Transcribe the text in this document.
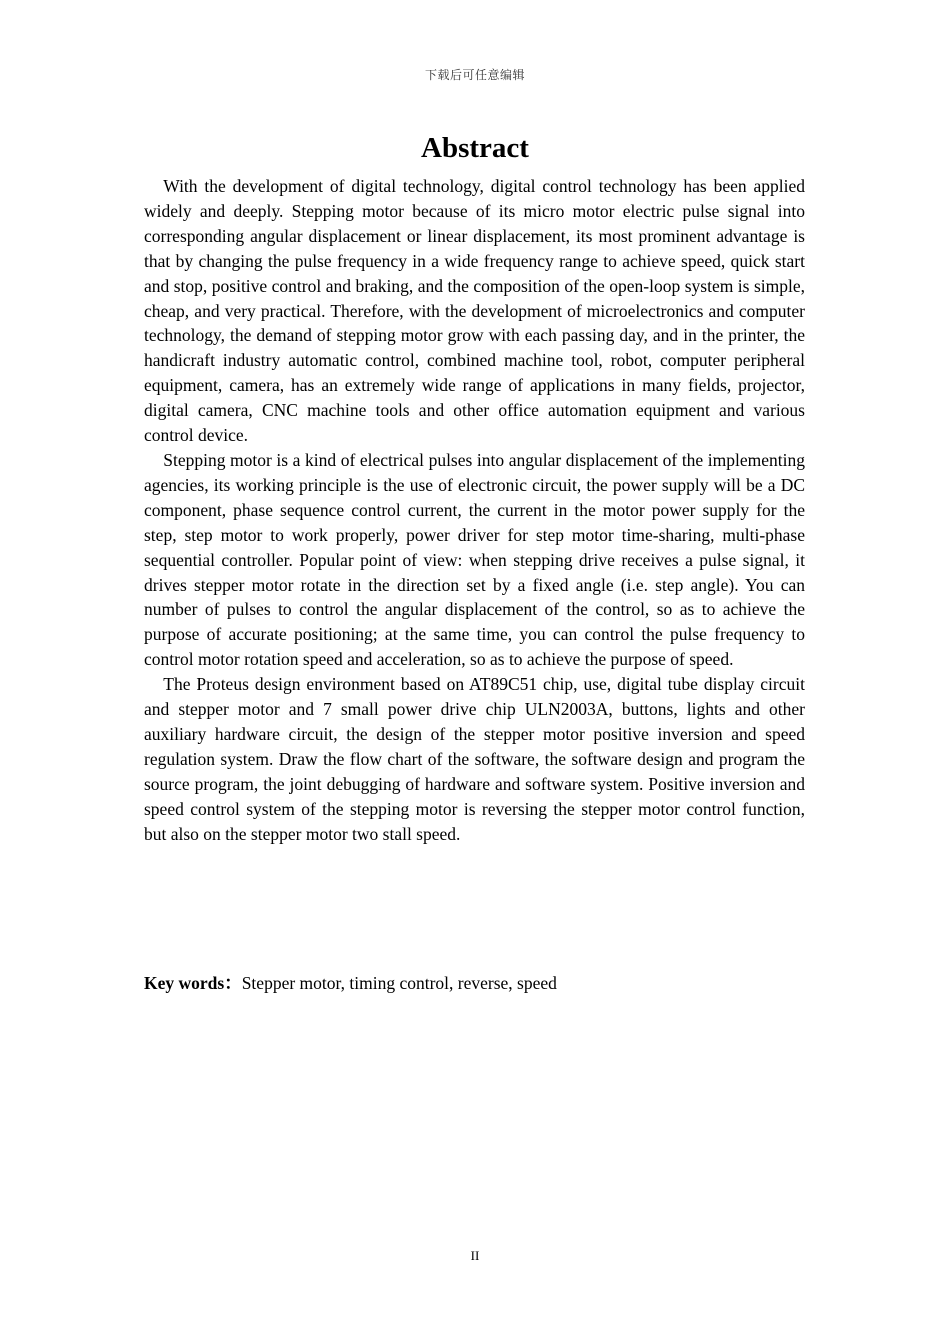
下载后可任意编辑
Abstract

With the development of digital technology, digital control technology has been applied widely and deeply. Stepping motor because of its micro motor electric pulse signal into corresponding angular displacement or linear displacement, its most prominent advantage is that by changing the pulse frequency in a wide frequency range to achieve speed, quick start and stop, positive control and braking, and the composition of the open-loop system is simple, cheap, and very practical. Therefore, with the development of microelectronics and computer technology, the demand of stepping motor grow with each passing day, and in the printer, the handicraft industry automatic control, combined machine tool, robot, computer peripheral equipment, camera, has an extremely wide range of applications in many fields, projector, digital camera, CNC machine tools and other office automation equipment and various control device.

Stepping motor is a kind of electrical pulses into angular displacement of the implementing agencies, its working principle is the use of electronic circuit, the power supply will be a DC component, phase sequence control current, the current in the motor power supply for the step, step motor to work properly, power driver for step motor time-sharing, multi-phase sequential controller. Popular point of view: when stepping drive receives a pulse signal, it drives stepper motor rotate in the direction set by a fixed angle (i.e. step angle). You can number of pulses to control the angular displacement of the control, so as to achieve the purpose of accurate positioning; at the same time, you can control the pulse frequency to control motor rotation speed and acceleration, so as to achieve the purpose of speed.

The Proteus design environment based on AT89C51 chip, use, digital tube display circuit and stepper motor and 7 small power drive chip ULN2003A, buttons, lights and other auxiliary hardware circuit, the design of the stepper motor positive inversion and speed regulation system. Draw the flow chart of the software, the software design and program the source program, the joint debugging of hardware and software system. Positive inversion and speed control system of the stepping motor is reversing the stepper motor control function, but also on the stepper motor two stall speed.

Key words：Stepper motor, timing control, reverse, speed
II
